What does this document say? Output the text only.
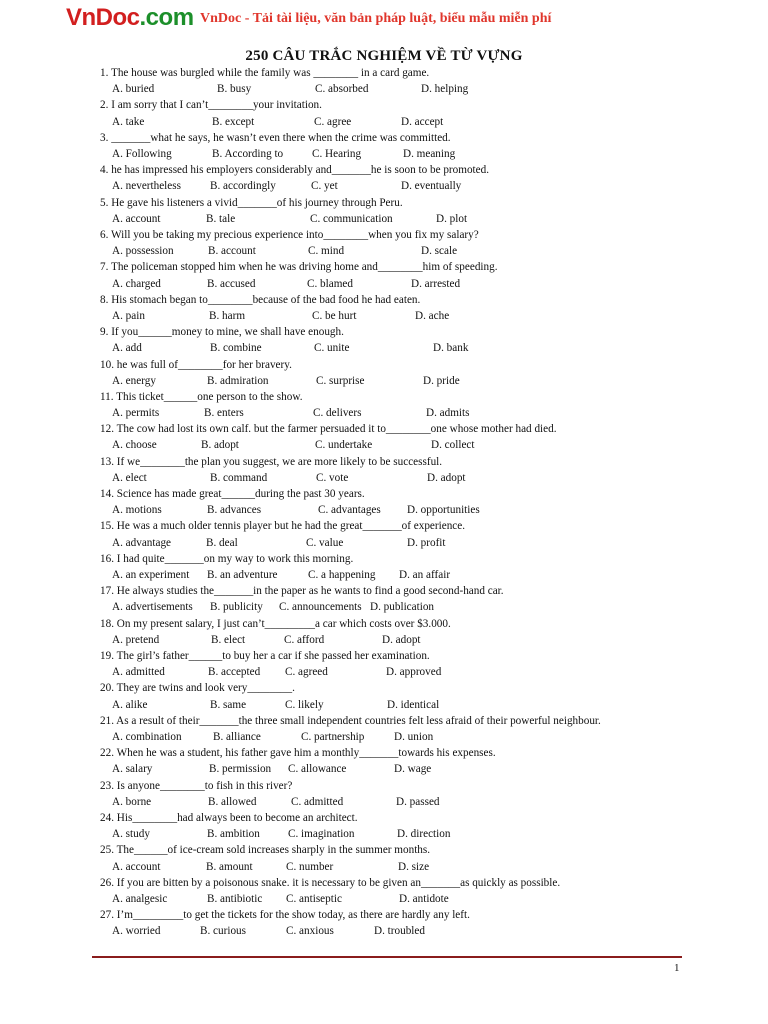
VnDoc.com VnDoc - Tải tài liệu, văn bản pháp luật, biểu mẫu miễn phí
250 CÂU TRẮC NGHIỆM VỀ TỪ VỰNG
1. The house was burgled while the family was ________ in a card game.
A. buried	B. busy	C. absorbed	D. helping
2. I am sorry that I can’t________your invitation.
A. take	B. except	C. agree	D. accept
3. _______what he says, he wasn’t even there when the crime was committed.
A. Following	B. According to	C. Hearing	D. meaning
4. he has impressed his employers considerably and_______he is soon to be promoted.
A. nevertheless	B. accordingly	C. yet	D. eventually
5. He gave his listeners a vivid_______of his journey through Peru.
A. account	B. tale	C. communication	D. plot
6. Will you be taking my precious experience into________when you fix my salary?
A. possession	B. account	C. mind	D. scale
7. The policeman stopped him when he was driving home and________him of speeding.
A. charged	B. accused	C. blamed	D. arrested
8. His stomach began to________because of the bad food he had eaten.
A. pain	B. harm	C. be hurt	D. ache
9. If you______money to mine, we shall have enough.
A. add	B. combine	C. unite	D. bank
10. he was full of________for her bravery.
A. energy	B. admiration	C. surprise	D. pride
11. This ticket______one person to the show.
A. permits	B. enters	C. delivers	D. admits
12. The cow had lost its own calf. but the farmer persuaded it to________one whose mother had died.
A. choose	B. adopt	C. undertake	D. collect
13. If we________the plan you suggest, we are more likely to be successful.
A. elect	B. command	C. vote	D. adopt
14. Science has made great______during the past 30 years.
A. motions	B. advances	C. advantages D. opportunities
15. He was a much older tennis player but he had the great_______of experience.
A. advantage	B. deal	C. value	D. profit
16. I had quite_______on my way to work this morning.
A. an experiment B. an adventure	C. a happening D. an affair
17. He always studies the_______in the paper as he wants to find a good second-hand car.
A. advertisements B. publicity C. announcements D. publication
18. On my present salary, I just can’t_________a car which costs over $3.000.
A. pretend	B. elect	C. afford	D. adopt
19. The girl’s father______to buy her a car if she passed her examination.
A. admitted	B. accepted C. agreed	D. approved
20. They are twins and look very________.
A. alike	B. same	C. likely	D. identical
21. As a result of their_______the three small independent countries felt less afraid of their powerful neighbour.
A. combination	B. alliance	C. partnership	D. union
22. When he was a student, his father gave him a monthly_______towards his expenses.
A. salary	B. permission C. allowance	D. wage
23. Is anyone________to fish in this river?
A. borne	B. allowed	C. admitted	D. passed
24. His________had always been to become an architect.
A. study	B. ambition	C. imagination	D. direction
25. The______of ice-cream sold increases sharply in the summer months.
A. account	B. amount	C. number	D. size
26. If you are bitten by a poisonous snake. it is necessary to be given an_______as quickly as possible.
A. analgesic	B. antibiotic C. antiseptic	D. antidote
27. I’m_________to get the tickets for the show today, as there are hardly any left.
A. worried	B. curious	C. anxious	D. troubled
1
